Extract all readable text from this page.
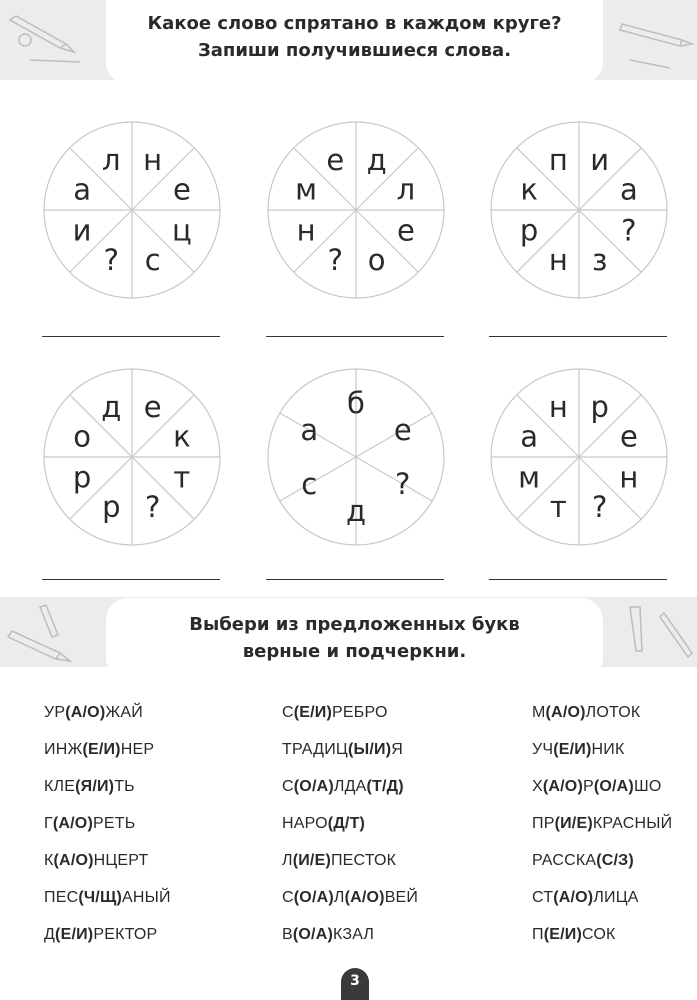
Какое слово спрятано в каждом круге?
Запиши получившиеся слова.
л н
е
ц
с
?
и
а
е д
л
е
о
?
н
м
п и
а
?
з
н
р
к
д е
к
т
?
р
р
о
б
е
?
д
с
а
н р
е
н
?
т
м
а
Выбери из предложенных букв
верные и подчеркни.
УР(А/О)ЖАЙ	С(Е/И)РЕБРО	М(А/О)ЛОТОК
ИНЖ(Е/И)НЕР	ТРАДИЦ(Ы/И)Я	УЧ(Е/И)НИК
КЛЕ(Я/И)ТЬ	С(О/А)ЛДА(Т/Д)	Х(А/О)Р(О/А)ШО
Г(А/О)РЕТЬ	НАРО(Д/Т)	ПР(И/Е)КРАСНЫЙ
К(А/О)НЦЕРТ	Л(И/Е)ПЕСТОК	РАССКА(С/З)
ПЕС(Ч/Щ)АНЫЙ	С(О/А)Л(А/О)ВЕЙ	СТ(А/О)ЛИЦА
Д(Е/И)РЕКТОР	В(О/А)КЗАЛ	П(Е/И)СОК
3
